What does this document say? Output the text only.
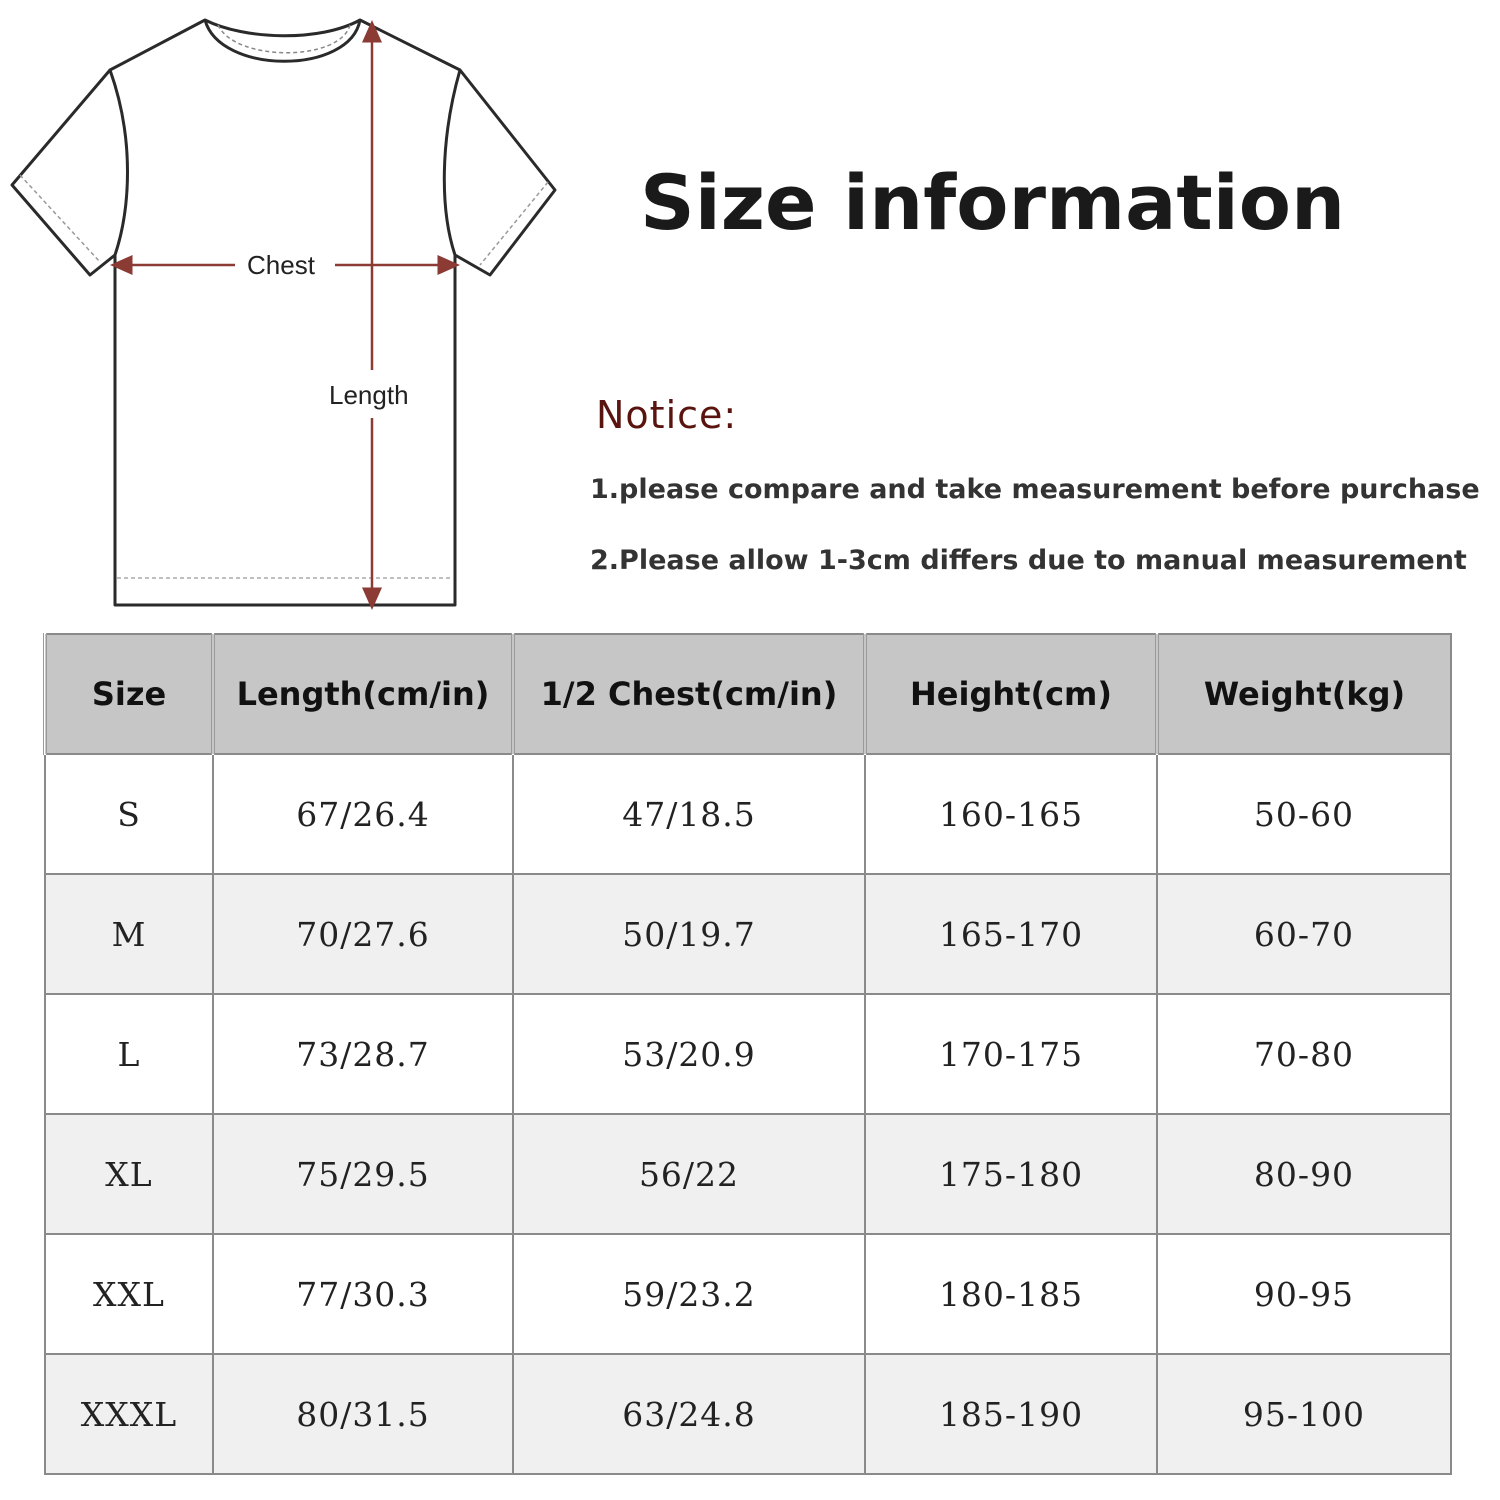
Chest
Length
Size information
Notice:
1.please compare and take measurement before purchase
2.Please allow 1-3cm differs due to manual measurement
Size	Length(cm/in)	1/2 Chest(cm/in)	Height(cm)	Weight(kg)
S	67/26.4	47/18.5	160-165	50-60
M	70/27.6	50/19.7	165-170	60-70
L	73/28.7	53/20.9	170-175	70-80
XL	75/29.5	56/22	175-180	80-90
XXL	77/30.3	59/23.2	180-185	90-95
XXXL	80/31.5	63/24.8	185-190	95-100
